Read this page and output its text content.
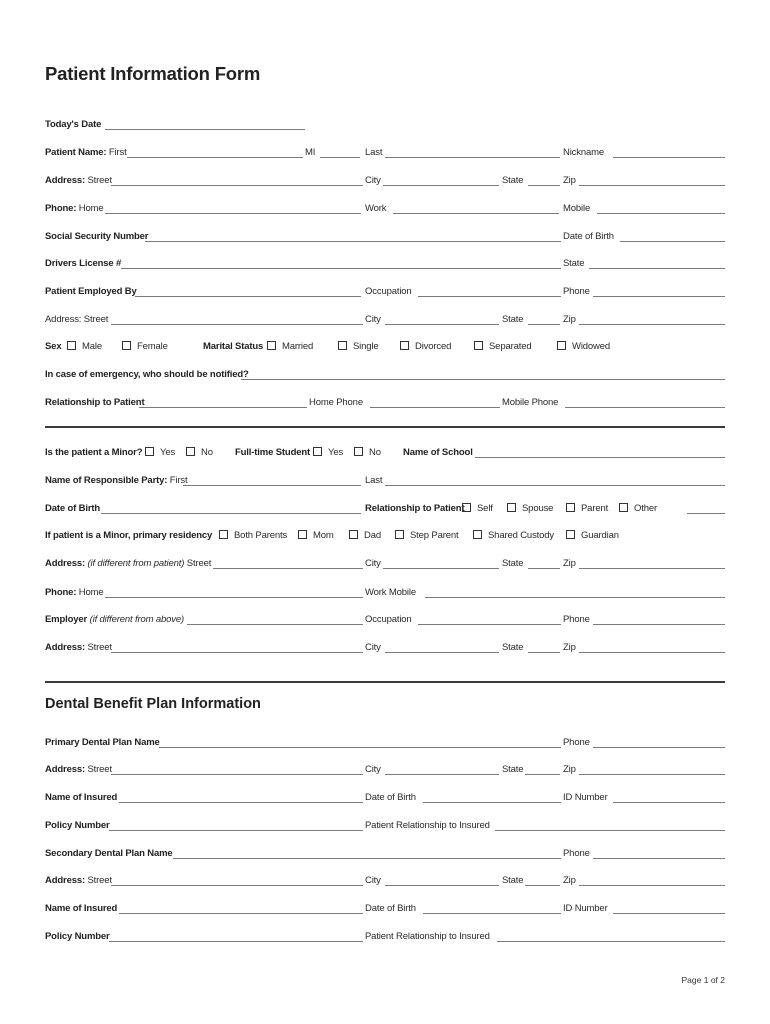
Patient Information Form
Today's Date
Patient Name: First	MI	Last	Nickname
Address: Street	City	State	Zip
Phone: Home	Work	Mobile
Social Security Number	Date of Birth
Drivers License #	State
Patient Employed By	Occupation	Phone
Address: Street	City	State	Zip
Sex	Male	Female	Marital Status	Married	Single	Divorced	Separated	Widowed
In case of emergency, who should be notified?
Relationship to Patient	Home Phone	Mobile Phone
Is the patient a Minor?	Yes	No Full-time Student	Yes	No Name of School
Name of Responsible Party: First	Last
Date of Birth	Relationship to Patient	Self	Spouse	Parent	Other
If patient is a Minor, primary residency	Both Parents	Mom	Dad	Step Parent	Shared Custody	Guardian
Address: (if different from patient) Street	City	State	Zip
Phone: Home	Work Mobile
Employer (if different from above)	Occupation	Phone
Address: Street	City	State	Zip
Dental Benefit Plan Information
Primary Dental Plan Name	Phone
Address: Street	City	State	Zip
Name of Insured	Date of Birth	ID Number
Policy Number	Patient Relationship to Insured
Secondary Dental Plan Name	Phone
Address: Street	City	State	Zip
Name of Insured	Date of Birth	ID Number
Policy Number	Patient Relationship to Insured
Page 1 of 2
